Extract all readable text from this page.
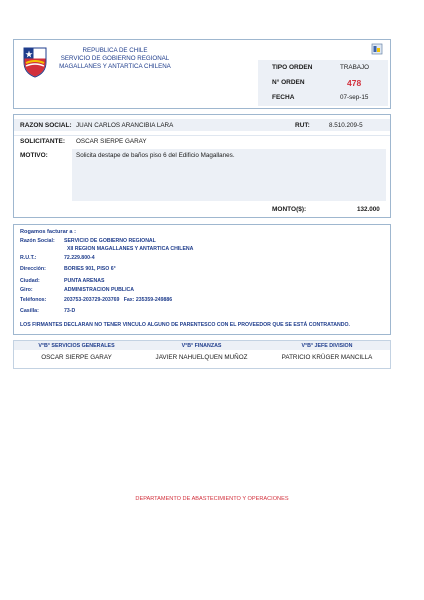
REPUBLICA DE CHILE
SERVICIO DE GOBIERNO REGIONAL
MAGALLANES Y ANTARTICA CHILENA	TIPO ORDEN	TRABAJO
N° ORDEN	478
FECHA	07-sep-15
RAZON SOCIAL: JUAN CARLOS ARANCIBIA LARA	RUT:	8.510.209-5
SOLICITANTE: OSCAR SIERPE GARAY
MOTIVO:	Solicita destape de baños piso 6 del Edificio Magallanes.
MONTO($):	132.000
Rogamos facturar a :
Razón Social: SERVICIO DE GOBIERNO REGIONAL
XII REGION MAGALLANES Y ANTARTICA CHILENA
R.U.T.:	72.229.800-4
Dirección:	BORIES 901, PISO 6°
Ciudad:	PUNTA ARENAS
Giro:	ADMINISTRACION PUBLICA
Teléfonos:	203753-203729-203769   Fax: 235359-249886
Casilla:	73-D
LOS FIRMANTES DECLARAN NO TENER VINCULO ALGUNO DE PARENTESCO CON EL PROVEEDOR QUE SE ESTÁ CONTRATANDO.
V°B° SERVICIOS GENERALES
OSCAR SIERPE GARAY
V°B° FINANZAS
JAVIER NAHUELQUEN MUÑOZ
V°B° JEFE DIVISION
PATRICIO KRÜGER MANCILLA
DEPARTAMENTO DE ABASTECIMIENTO Y OPERACIONES
